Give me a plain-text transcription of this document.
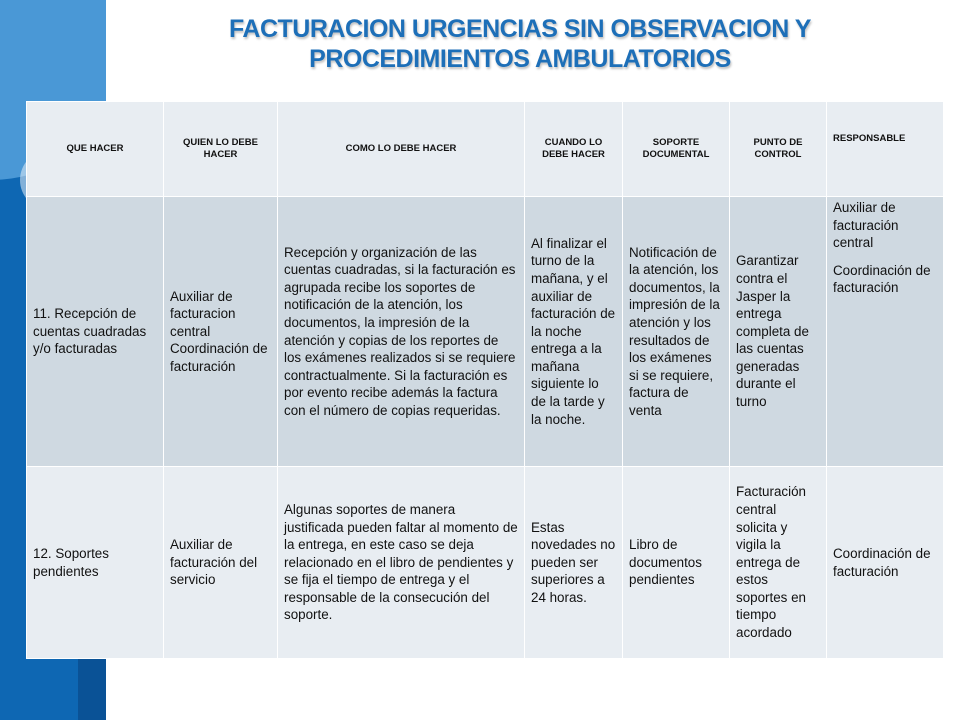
FACTURACION URGENCIAS SIN OBSERVACION Y
PROCEDIMIENTOS AMBULATORIOS
QUE HACER	QUIEN LO DEBE HACER	COMO LO DEBE HACER	CUANDO LO DEBE HACER	SOPORTE DOCUMENTAL	PUNTO DE CONTROL	RESPONSABLE
11. Recepción de cuentas cuadradas y/o facturadas	Auxiliar de facturacion central Coordinación de facturación	Recepción y organización de las cuentas cuadradas, si la facturación es agrupada recibe los soportes de notificación de la atención, los documentos, la impresión de la atención y copias de los reportes de los exámenes realizados si se requiere contractualmente. Si la facturación es por evento recibe además la factura con el número de copias requeridas.	Al finalizar el turno de la mañana, y el auxiliar de facturación de la noche entrega a la mañana siguiente lo de la tarde y la noche.	Notificación de la atención, los documentos, la impresión de la atención y los resultados de los exámenes si se requiere, factura de venta	Garantizar contra el Jasper la entrega completa de las cuentas generadas durante el turno	Auxiliar de facturación central
Coordinación de facturación

12. Soportes pendientes	Auxiliar de facturación del servicio	Algunas soportes de manera justificada pueden faltar al momento de la entrega, en este caso se deja relacionado en el libro de pendientes y se fija el tiempo de entrega y el responsable de la consecución del soporte.	Estas novedades no pueden ser superiores a 24 horas.	Libro de documentos pendientes	Facturación central solicita y vigila la entrega de estos soportes en tiempo acordado	Coordinación de facturación
